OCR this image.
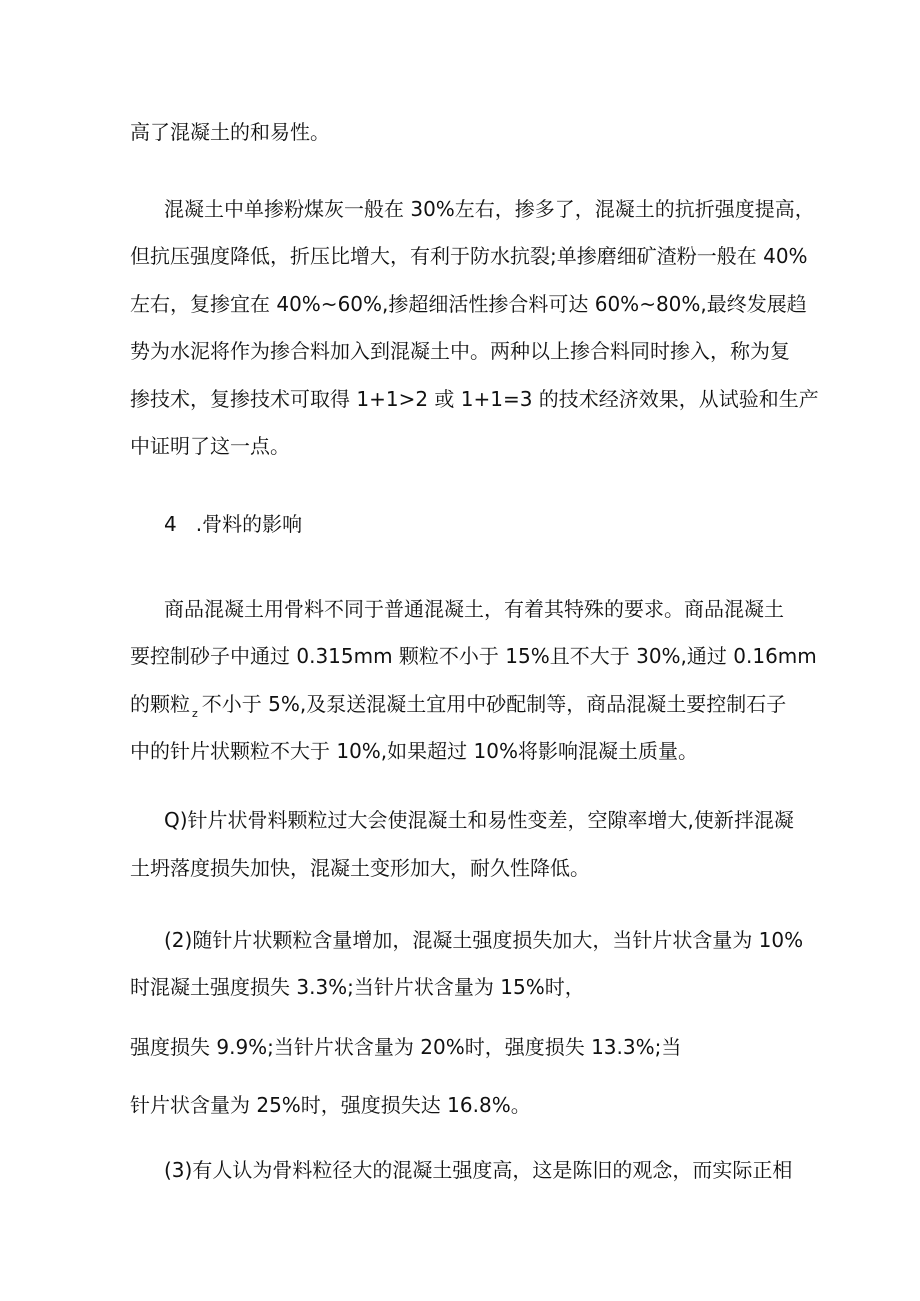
高了混凝土的和易性。
混凝土中单掺粉煤灰一般在 30%左右，掺多了，混凝土的抗折强度提高，
但抗压强度降低，折压比增大，有利于防水抗裂;单掺磨细矿渣粉一般在 40%
左右，复掺宜在 40%~60%,掺超细活性掺合料可达 60%~80%,最终发展趋
势为水泥将作为掺合料加入到混凝土中。两种以上掺合料同时掺入，称为复
掺技术，复掺技术可取得 1+1>2 或 1+1=3 的技术经济效果，从试验和生产
中证明了这一点。
4   .骨料的影响
商品混凝土用骨料不同于普通混凝土，有着其特殊的要求。商品混凝土
要控制砂子中通过 0.315mm 颗粒不小于 15%且不大于 30%,通过 0.16mm
的颗粒 $_z$ 不小于 5%,及泵送混凝土宜用中砂配制等，商品混凝土要控制石子
中的针片状颗粒不大于 10%,如果超过 10%将影响混凝土质量。
Q)针片状骨料颗粒过大会使混凝土和易性变差，空隙率增大,使新拌混凝
土坍落度损失加快，混凝土变形加大，耐久性降低。
(2)随针片状颗粒含量增加，混凝土强度损失加大，当针片状含量为 10%
时混凝土强度损失 3.3%;当针片状含量为 15%时，
强度损失 9.9%;当针片状含量为 20%时，强度损失 13.3%;当
针片状含量为 25%时，强度损失达 16.8%。
(3)有人认为骨料粒径大的混凝土强度高，这是陈旧的观念，而实际正相
